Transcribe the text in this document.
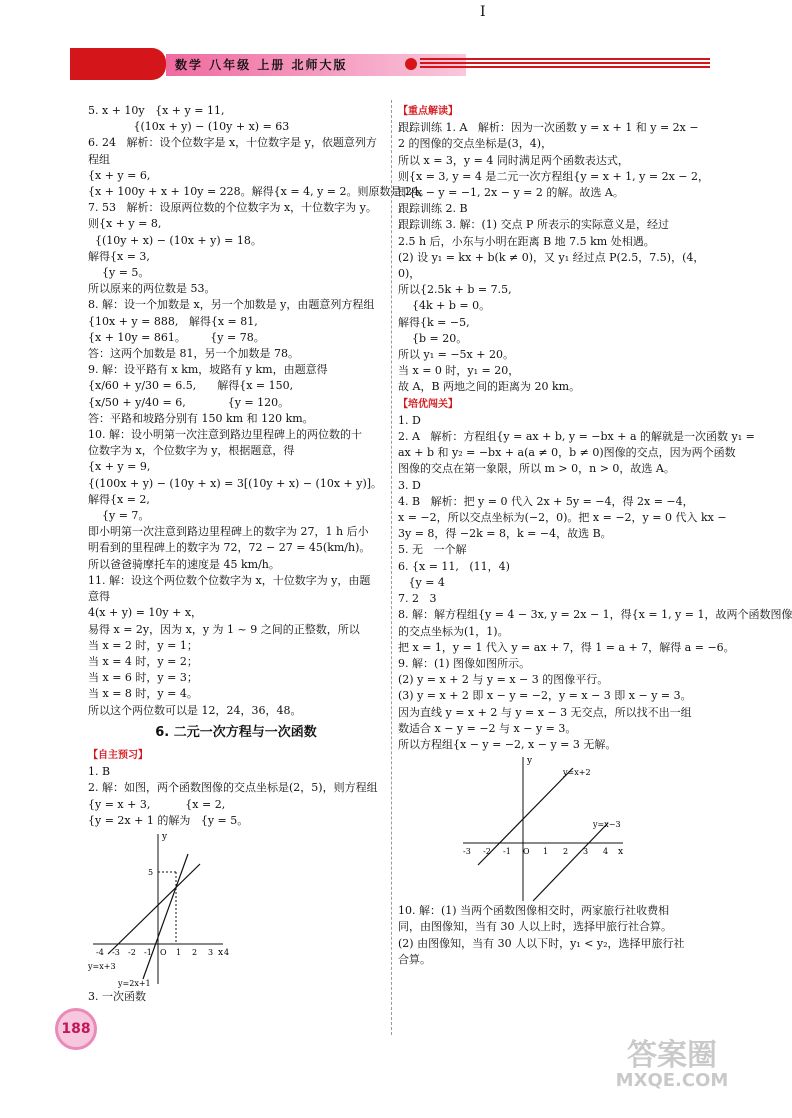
I
数学 八年级 上册 北师大版

5. x + 10y   {x + y = 11,

{(10x + y) − (10y + x) = 63

6. 24   解析：设个位数字是 x，十位数字是 y，依题意列方

程组

{x + y = 6,

{x + 100y + x + 10y = 228。解得{x = 4, y = 2。则原数是 24。

7. 53   解析：设原两位数的个位数字为 x，十位数字为 y。

则{x + y = 8,

{(10y + x) − (10x + y) = 18。

解得{x = 3,

{y = 5。

所以原来的两位数是 53。

8. 解：设一个加数是 x，另一个加数是 y，由题意列方程组

{10x + y = 888,   解得{x = 81,

{x + 10y = 861。       {y = 78。

答：这两个加数是 81，另一个加数是 78。

9. 解：设平路有 x km，坡路有 y km，由题意得

{x/60 + y/30 = 6.5,      解得{x = 150,

{x/50 + y/40 = 6,            {y = 120。

答：平路和坡路分别有 150 km 和 120 km。

10. 解：设小明第一次注意到路边里程碑上的两位数的十

位数字为 x，个位数字为 y，根据题意，得

{x + y = 9,

{(100x + y) − (10y + x) = 3[(10y + x) − (10x + y)]。

解得{x = 2,

{y = 7。

即小明第一次注意到路边里程碑上的数字为 27，1 h 后小

明看到的里程碑上的数字为 72，72 − 27 = 45(km/h)。

所以爸爸骑摩托车的速度是 45 km/h。

11. 解：设这个两位数个位数字为 x，十位数字为 y，由题

意得

4(x + y) = 10y + x，

易得 x = 2y，因为 x，y 为 1 ~ 9 之间的正整数，所以

当 x = 2 时，y = 1；

当 x = 4 时，y = 2；

当 x = 6 时，y = 3；

当 x = 8 时，y = 4。

所以这个两位数可以是 12，24，36，48。

6. 二元一次方程与一次函数
【自主预习】

1. B

2. 解：如图，两个函数图像的交点坐标是(2，5)，则方程组

{y = x + 3,          {x = 2,

{y = 2x + 1 的解为   {y = 5。

x
y
5
y=x+3
y=2x+1
-4 -3 -2 -1 O 1 2 3 4

3. 一次函数

【重点解读】

跟踪训练 1. A   解析：因为一次函数 y = x + 1 和 y = 2x −

2 的图像的交点坐标是(3，4)，

所以 x = 3，y = 4 同时满足两个函数表达式，

则{x = 3, y = 4 是二元一次方程组{y = x + 1, y = 2x − 2，

即{x − y = −1, 2x − y = 2 的解。故选 A。

跟踪训练 2. B

跟踪训练 3. 解：(1) 交点 P 所表示的实际意义是，经过

2.5 h 后，小东与小明在距离 B 地 7.5 km 处相遇。

(2) 设 y₁ = kx + b(k ≠ 0)，又 y₁ 经过点 P(2.5，7.5)，(4，

0)，

所以{2.5k + b = 7.5,

{4k + b = 0。

解得{k = −5,

{b = 20。

所以 y₁ = −5x + 20。

当 x = 0 时，y₁ = 20，

故 A，B 两地之间的距离为 20 km。

【培优闯关】

1. D

2. A   解析：方程组{y = ax + b, y = −bx + a 的解就是一次函数 y₁ =

ax + b 和 y₂ = −bx + a(a ≠ 0，b ≠ 0)图像的交点，因为两个函数

图像的交点在第一象限，所以 m > 0，n > 0，故选 A。

3. D

4. B   解析：把 y = 0 代入 2x + 5y = −4，得 2x = −4，

x = −2，所以交点坐标为(−2，0)。把 x = −2，y = 0 代入 kx −

3y = 8，得 −2k = 8，k = −4，故选 B。

5. 无   一个解

6. {x = 11,   (11，4)

{y = 4

7. 2   3

8. 解：解方程组{y = 4 − 3x, y = 2x − 1，得{x = 1, y = 1，故两个函数图像

的交点坐标为(1，1)。

把 x = 1，y = 1 代入 y = ax + 7，得 1 = a + 7，解得 a = −6。

9. 解：(1) 图像如图所示。

(2) y = x + 2 与 y = x − 3 的图像平行。

(3) y = x + 2 即 x − y = −2，y = x − 3 即 x − y = 3。

因为直线 y = x + 2 与 y = x − 3 无交点，所以找不出一组

数适合 x − y = −2 与 x − y = 3。

所以方程组{x − y = −2, x − y = 3 无解。

x
y
y=x+2
y=x−3
-3 -2 -1 O 1 2 3 4

10. 解：(1) 当两个函数图像相交时，两家旅行社收费相

同，由图像知，当有 30 人以上时，选择甲旅行社合算。

(2) 由图像知，当有 30 人以下时，y₁ < y₂，选择甲旅行社

合算。

188
答案圈
MXQE.COM
